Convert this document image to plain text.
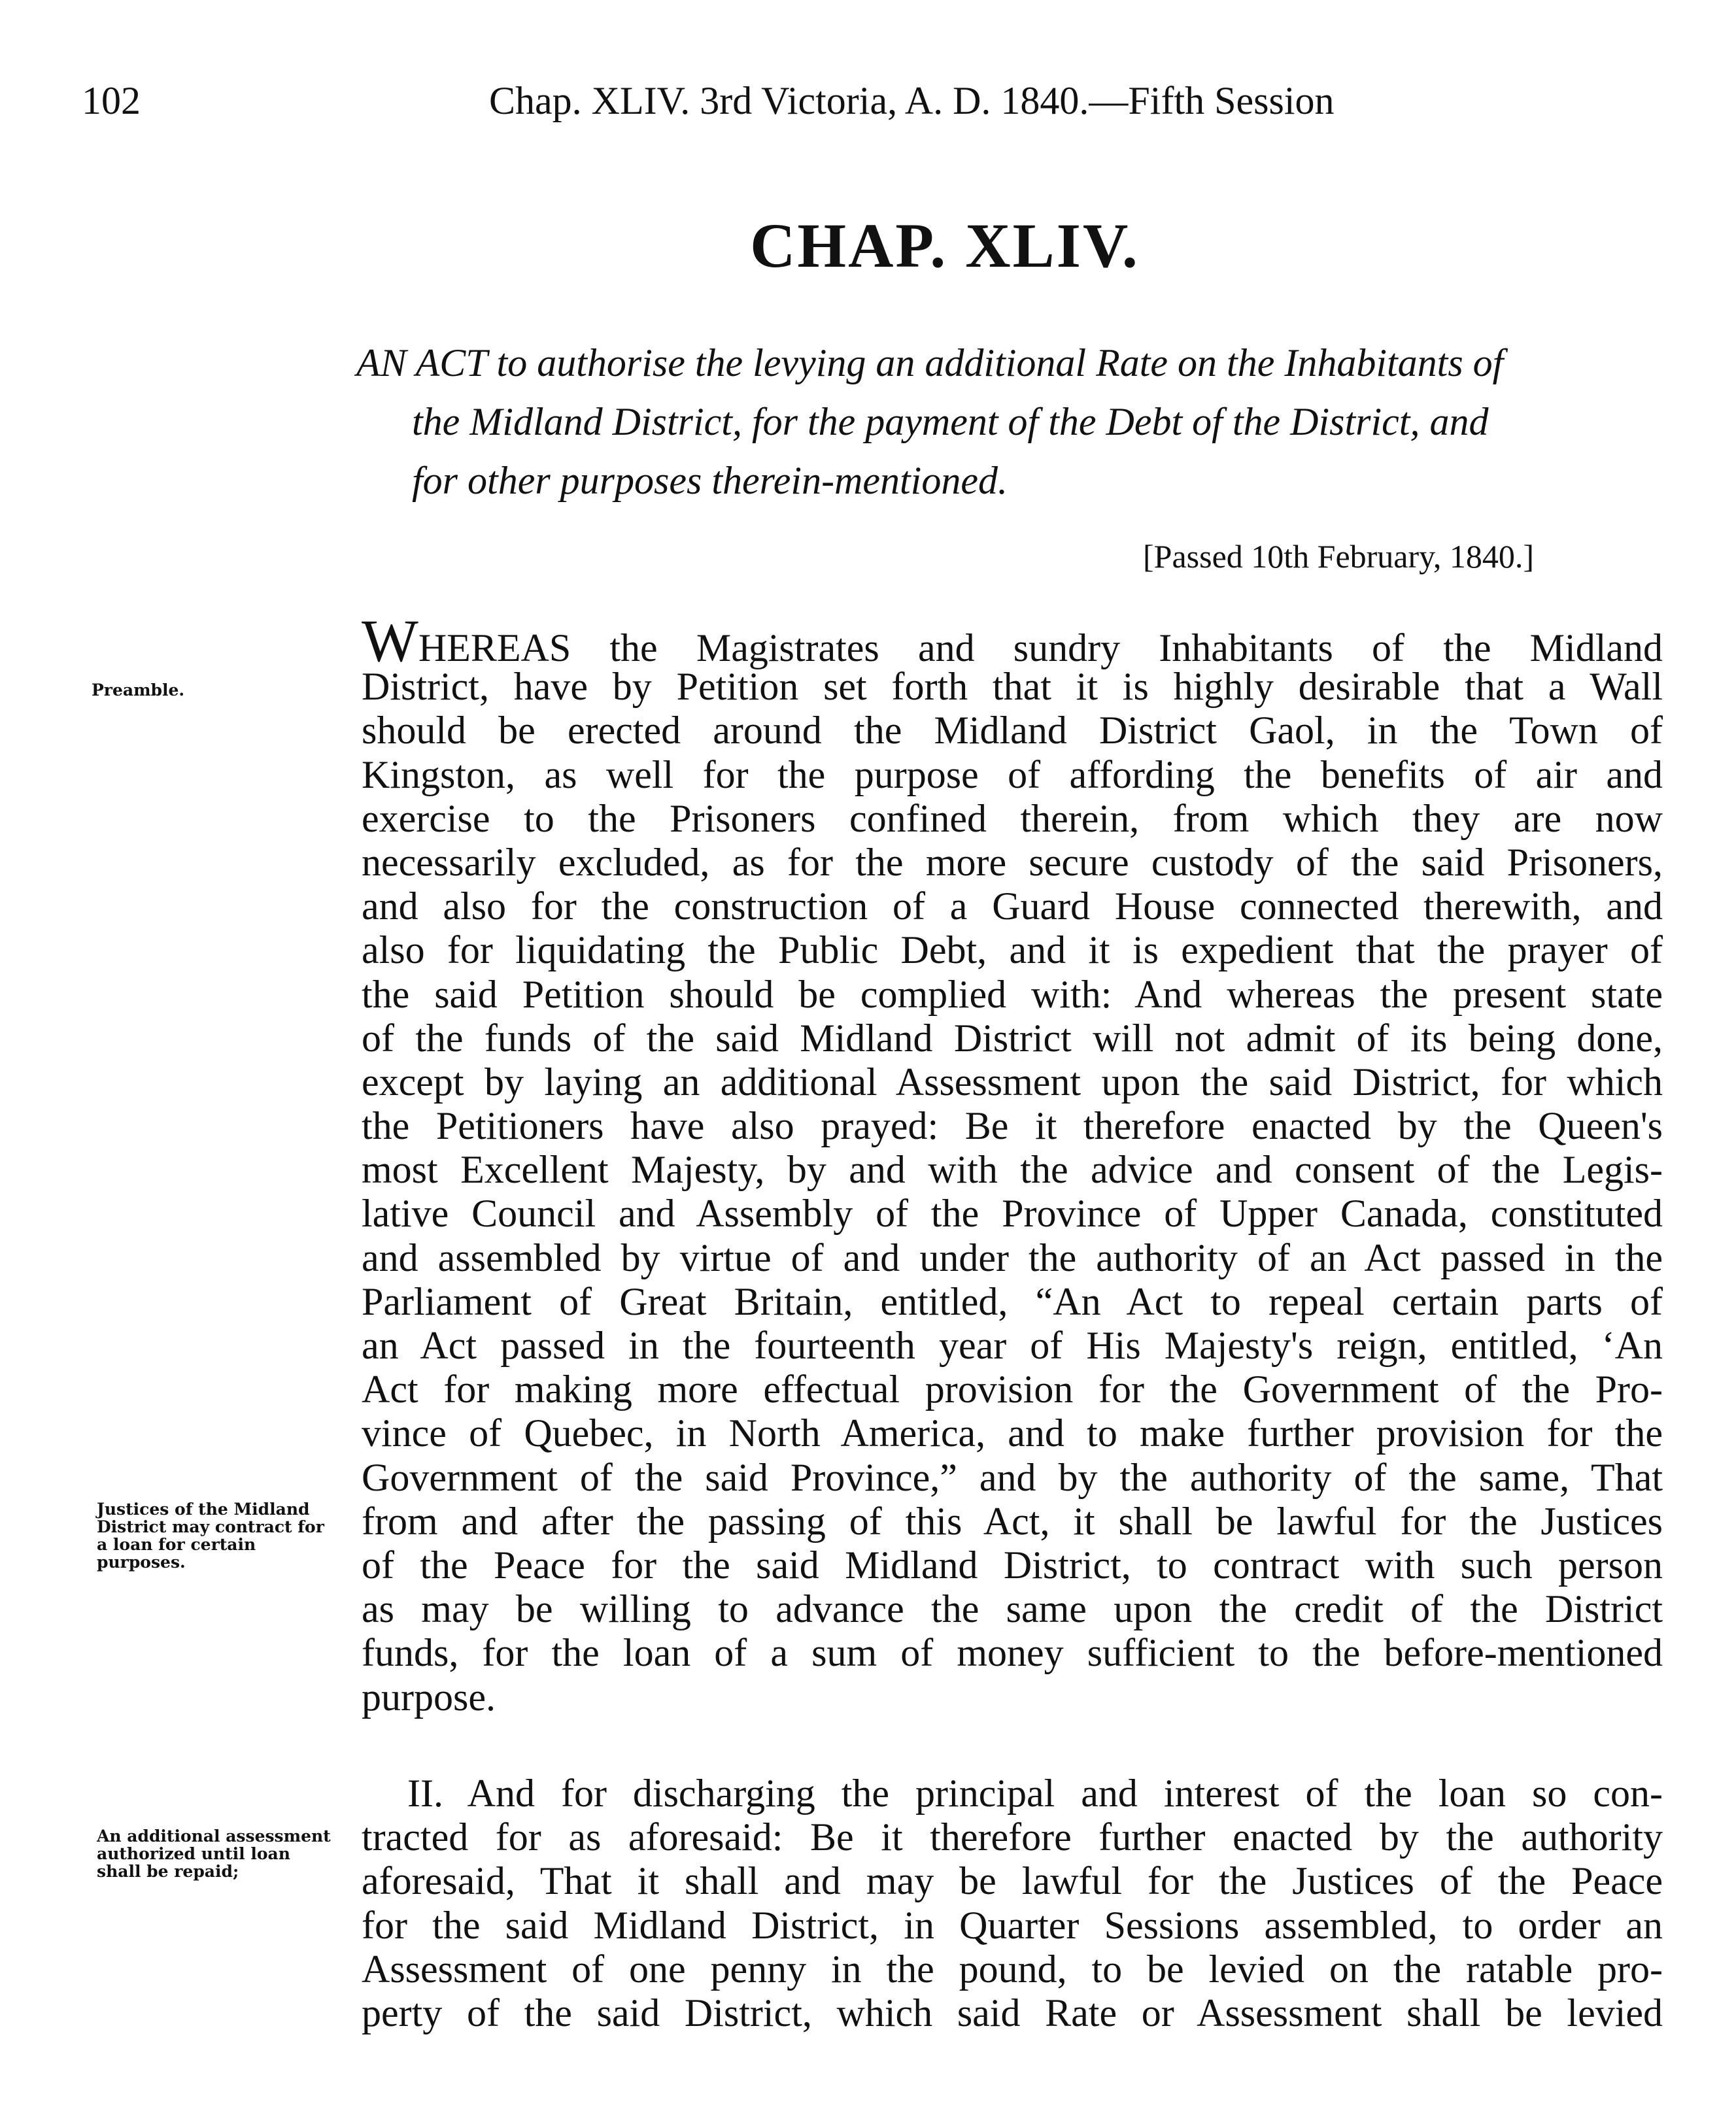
102	Chap. XLIV. 3rd Victoria, A. D. 1840.—Fifth Session
CHAP. XLIV.
AN ACT to authorise the levying an additional Rate on the Inhabitants of
the Midland District, for the payment of the Debt of the District, and
for other purposes therein-mentioned.
[Passed 10th February, 1840.]
Preamble.
Justices of the Midland
District may contract for
a loan for certain
purposes.
An additional assessment
authorized until loan
shall be repaid;
WHEREAS the Magistrates and sundry Inhabitants of the Midland
District, have by Petition set forth that it is highly desirable that a Wall
should be erected around the Midland District Gaol, in the Town of
Kingston, as well for the purpose of affording the benefits of air and
exercise to the Prisoners confined therein, from which they are now
necessarily excluded, as for the more secure custody of the said Prisoners,
and also for the construction of a Guard House connected therewith, and
also for liquidating the Public Debt, and it is expedient that the prayer of
the said Petition should be complied with: And whereas the present state
of the funds of the said Midland District will not admit of its being done,
except by laying an additional Assessment upon the said District, for which
the Petitioners have also prayed: Be it therefore enacted by the Queen's
most Excellent Majesty, by and with the advice and consent of the Legis-
lative Council and Assembly of the Province of Upper Canada, constituted
and assembled by virtue of and under the authority of an Act passed in the
Parliament of Great Britain, entitled, “An Act to repeal certain parts of
an Act passed in the fourteenth year of His Majesty's reign, entitled, ‘An
Act for making more effectual provision for the Government of the Pro-
vince of Quebec, in North America, and to make further provision for the
Government of the said Province,” and by the authority of the same, That
from and after the passing of this Act, it shall be lawful for the Justices
of the Peace for the said Midland District, to contract with such person
as may be willing to advance the same upon the credit of the District
funds, for the loan of a sum of money sufficient to the before-mentioned
purpose.
II. And for discharging the principal and interest of the loan so con-
tracted for as aforesaid: Be it therefore further enacted by the authority
aforesaid, That it shall and may be lawful for the Justices of the Peace
for the said Midland District, in Quarter Sessions assembled, to order an
Assessment of one penny in the pound, to be levied on the ratable pro-
perty of the said District, which said Rate or Assessment shall be levied
